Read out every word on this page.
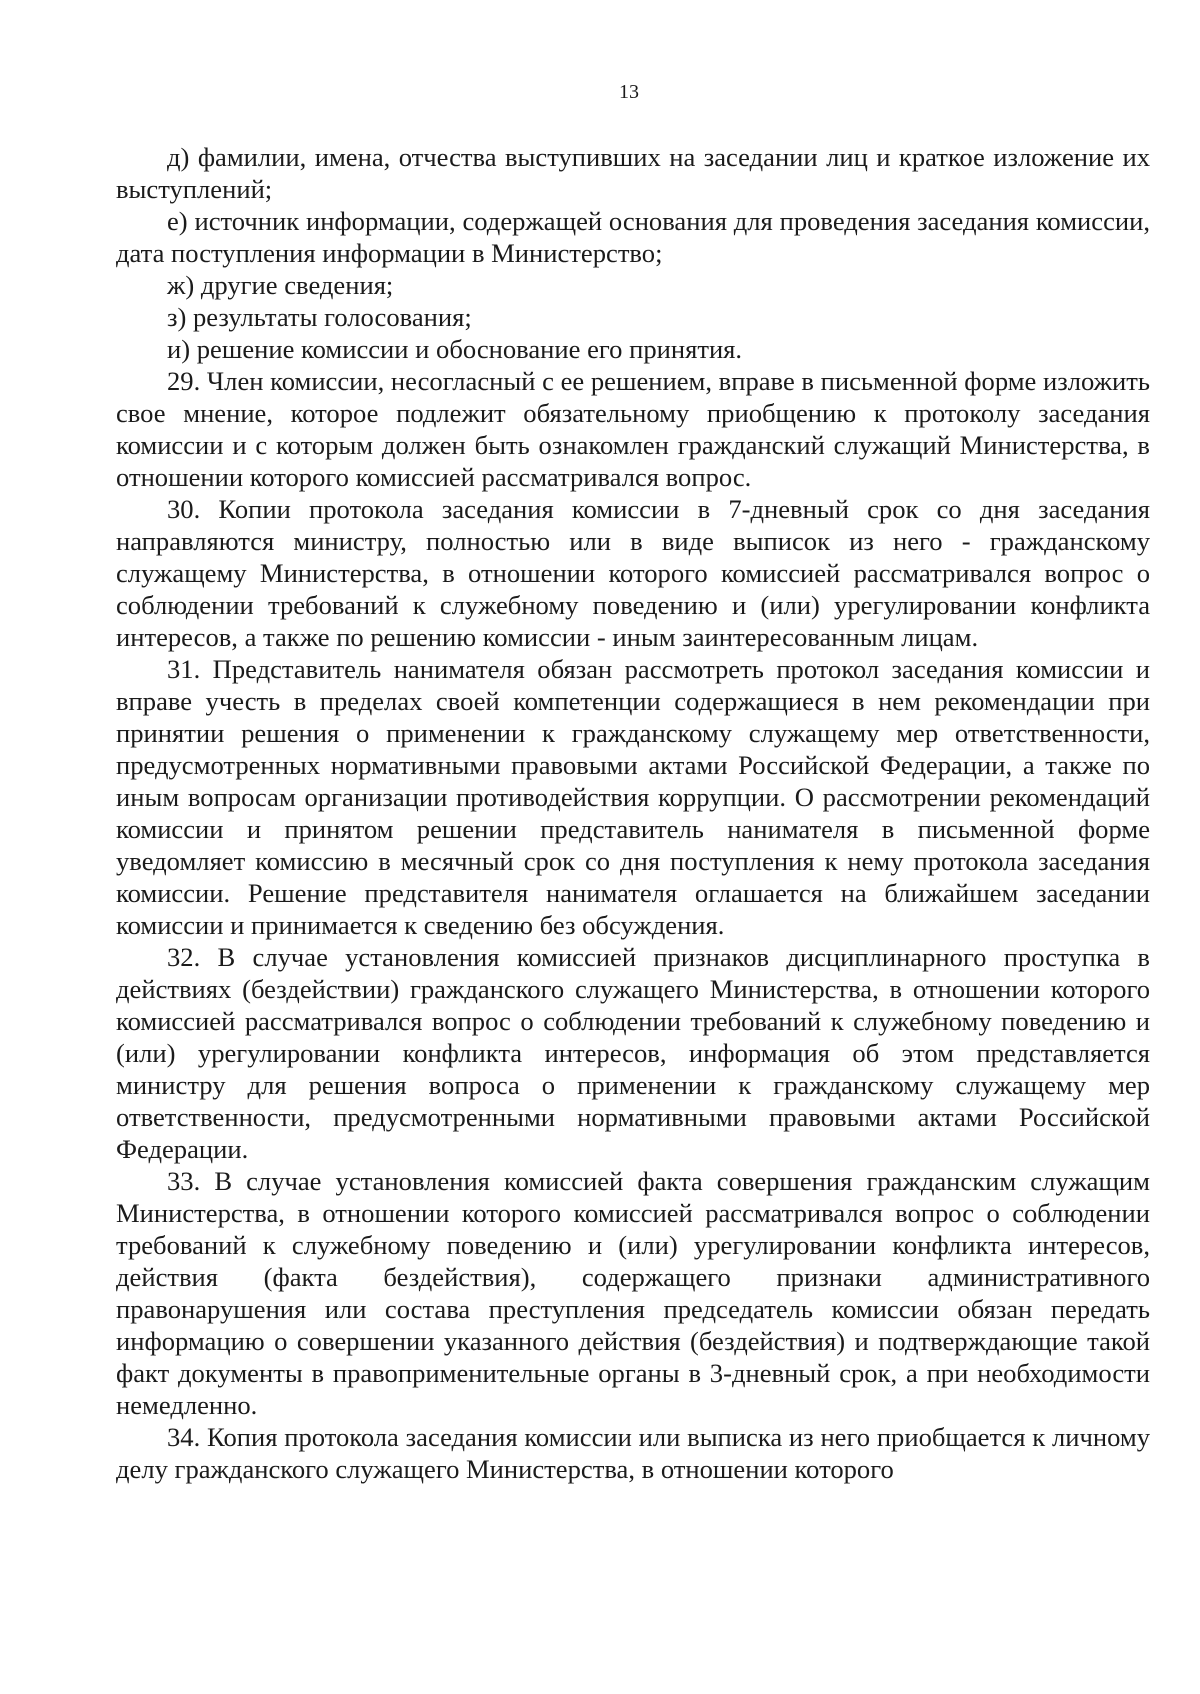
13

д) фамилии, имена, отчества выступивших на заседании лиц и краткое изложение их выступлений;

е) источник информации, содержащей основания для проведения заседания комиссии, дата поступления информации в Министерство;

ж) другие сведения;

з) результаты голосования;

и) решение комиссии и обоснование его принятия.

29. Член комиссии, несогласный с ее решением, вправе в письменной форме изложить свое мнение, которое подлежит обязательному приобщению к протоколу заседания комиссии и с которым должен быть ознакомлен гражданский служащий Министерства, в отношении которого комиссией рассматривался вопрос.

30. Копии протокола заседания комиссии в 7-дневный срок со дня заседания направляются министру, полностью или в виде выписок из него - гражданскому служащему Министерства, в отношении которого комиссией рассматривался вопрос о соблюдении требований к служебному поведению и (или) урегулировании конфликта интересов, а также по решению комиссии - иным заинтересованным лицам.

31. Представитель нанимателя обязан рассмотреть протокол заседания комиссии и вправе учесть в пределах своей компетенции содержащиеся в нем рекомендации при принятии решения о применении к гражданскому служащему мер ответственности, предусмотренных нормативными правовыми актами Российской Федерации, а также по иным вопросам организации противодействия коррупции. О рассмотрении рекомендаций комиссии и принятом решении представитель нанимателя в письменной форме уведомляет комиссию в месячный срок со дня поступления к нему протокола заседания комиссии. Решение представителя нанимателя оглашается на ближайшем заседании комиссии и принимается к сведению без обсуждения.

32. В случае установления комиссией признаков дисциплинарного проступка в действиях (бездействии) гражданского служащего Министерства, в отношении которого комиссией рассматривался вопрос о соблюдении требований к служебному поведению и (или) урегулировании конфликта интересов, информация об этом представляется министру для решения вопроса о применении к гражданскому служащему мер ответственности, предусмотренными нормативными правовыми актами Российской Федерации.

33. В случае установления комиссией факта совершения гражданским служащим Министерства, в отношении которого комиссией рассматривался вопрос о соблюдении требований к служебному поведению и (или) урегулировании конфликта интересов, действия (факта бездействия), содержащего признаки административного правонарушения или состава преступления председатель комиссии обязан передать информацию о совершении указанного действия (бездействия) и подтверждающие такой факт документы в правоприменительные органы в 3-дневный срок, а при необходимости немедленно.

34. Копия протокола заседания комиссии или выписка из него приобщается к личному делу гражданского служащего Министерства, в отношении которого
